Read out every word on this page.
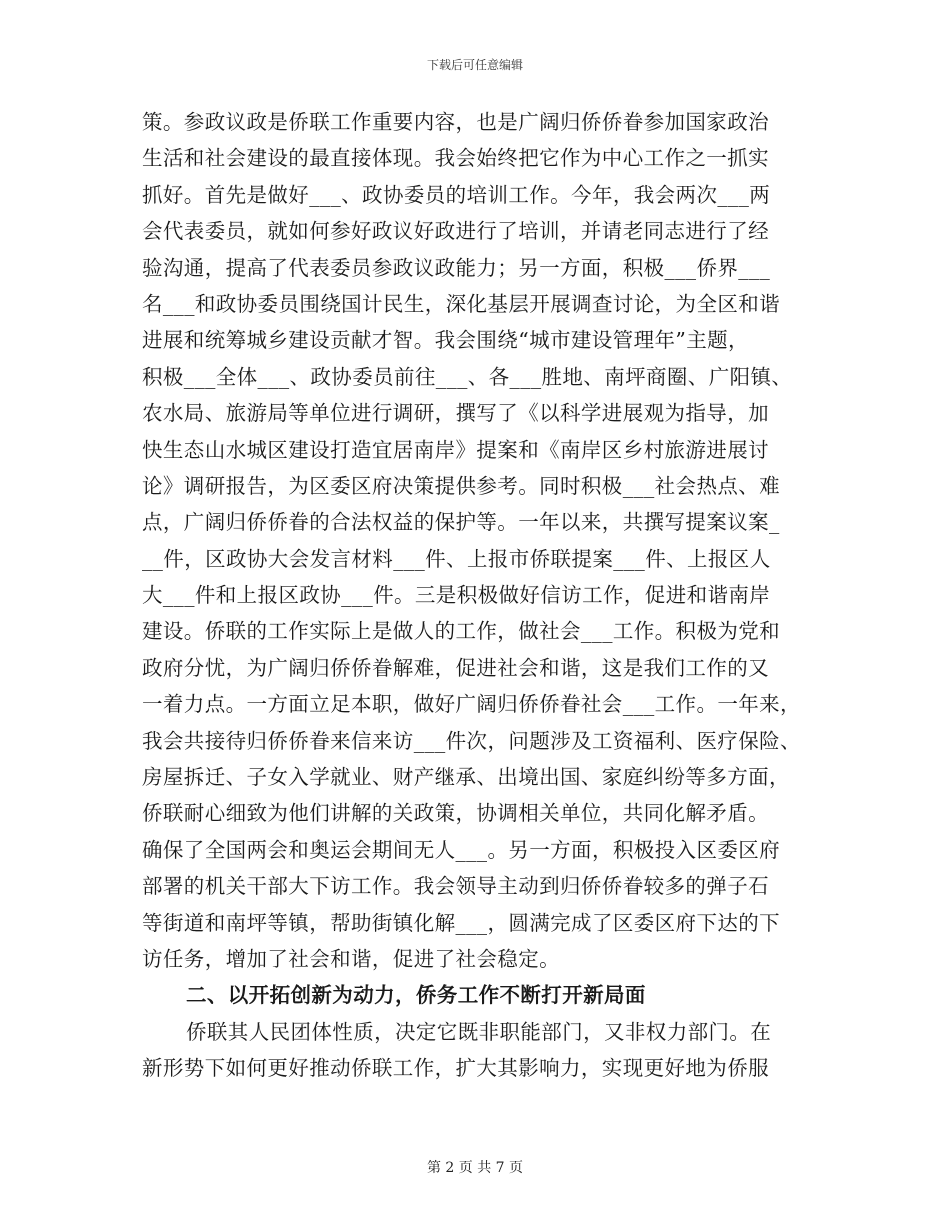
下载后可任意编辑
策。参政议政是侨联工作重要内容，也是广阔归侨侨眷参加国家政治
生活和社会建设的最直接体现。我会始终把它作为中心工作之一抓实
抓好。首先是做好___、政协委员的培训工作。今年，我会两次___两
会代表委员，就如何参好政议好政进行了培训，并请老同志进行了经
验沟通，提高了代表委员参政议政能力；另一方面，积极___侨界___
名___和政协委员围绕国计民生，深化基层开展调查讨论，为全区和谐
进展和统筹城乡建设贡献才智。我会围绕“城市建设管理年”主题，
积极___全体___、政协委员前往___、各___胜地、南坪商圈、广阳镇、
农水局、旅游局等单位进行调研，撰写了《以科学进展观为指导，加
快生态山水城区建设打造宜居南岸》提案和《南岸区乡村旅游进展讨
论》调研报告，为区委区府决策提供参考。同时积极___社会热点、难
点，广阔归侨侨眷的合法权益的保护等。一年以来，共撰写提案议案_
__件，区政协大会发言材料___件、上报市侨联提案___件、上报区人
大___件和上报区政协___件。三是积极做好信访工作，促进和谐南岸
建设。侨联的工作实际上是做人的工作，做社会___工作。积极为党和
政府分忧，为广阔归侨侨眷解难，促进社会和谐，这是我们工作的又
一着力点。一方面立足本职，做好广阔归侨侨眷社会___工作。一年来，
我会共接待归侨侨眷来信来访___件次，问题涉及工资福利、医疗保险、
房屋拆迁、子女入学就业、财产继承、出境出国、家庭纠纷等多方面，
侨联耐心细致为他们讲解的关政策，协调相关单位，共同化解矛盾。
确保了全国两会和奥运会期间无人___。另一方面，积极投入区委区府
部署的机关干部大下访工作。我会领导主动到归侨侨眷较多的弹子石
等街道和南坪等镇，帮助街镇化解___，圆满完成了区委区府下达的下
访任务，增加了社会和谐，促进了社会稳定。
二、以开拓创新为动力，侨务工作不断打开新局面
侨联其人民团体性质，决定它既非职能部门，又非权力部门。在
新形势下如何更好推动侨联工作，扩大其影响力，实现更好地为侨服
第 2 页 共 7 页
